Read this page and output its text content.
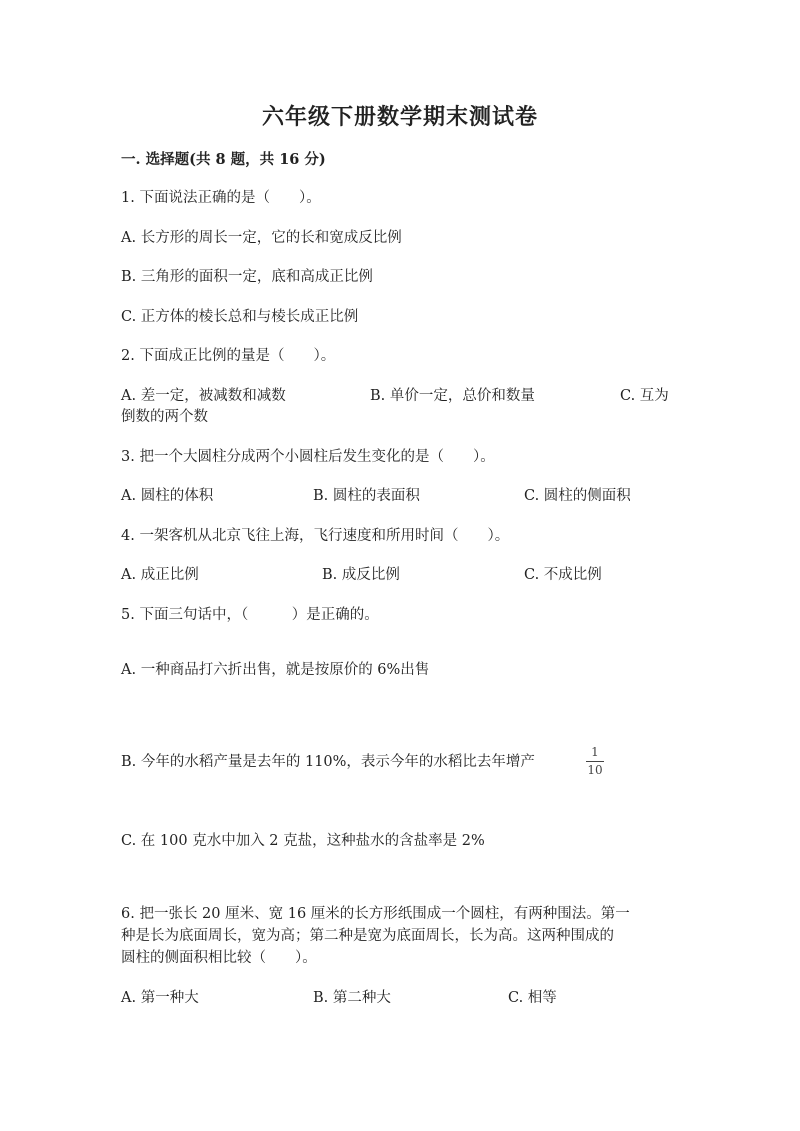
六年级下册数学期末测试卷
一. 选择题(共 8 题，共 16 分)
1. 下面说法正确的是（　　）。
A. 长方形的周长一定，它的长和宽成反比例
B. 三角形的面积一定，底和高成正比例
C. 正方体的棱长总和与棱长成正比例
2. 下面成正比例的量是（　　）。
A. 差一定，被减数和减数	B. 单价一定，总价和数量	C. 互为
倒数的两个数
3. 把一个大圆柱分成两个小圆柱后发生变化的是（　　）。
A. 圆柱的体积	B. 圆柱的表面积	C. 圆柱的侧面积
4. 一架客机从北京飞往上海，飞行速度和所用时间（　　）。
A. 成正比例	B. 成反比例	C. 不成比例
5. 下面三句话中，（　　　）是正确的。
A. 一种商品打六折出售，就是按原价的 6%出售
B. 今年的水稻产量是去年的 110%，表示今年的水稻比去年增产
1
10
C. 在 100 克水中加入 2 克盐，这种盐水的含盐率是 2%
6. 把一张长 20 厘米、宽 16 厘米的长方形纸围成一个圆柱，有两种围法。第一
种是长为底面周长，宽为高；第二种是宽为底面周长，长为高。这两种围成的
圆柱的侧面积相比较（　　）。
A. 第一种大	B. 第二种大	C. 相等
